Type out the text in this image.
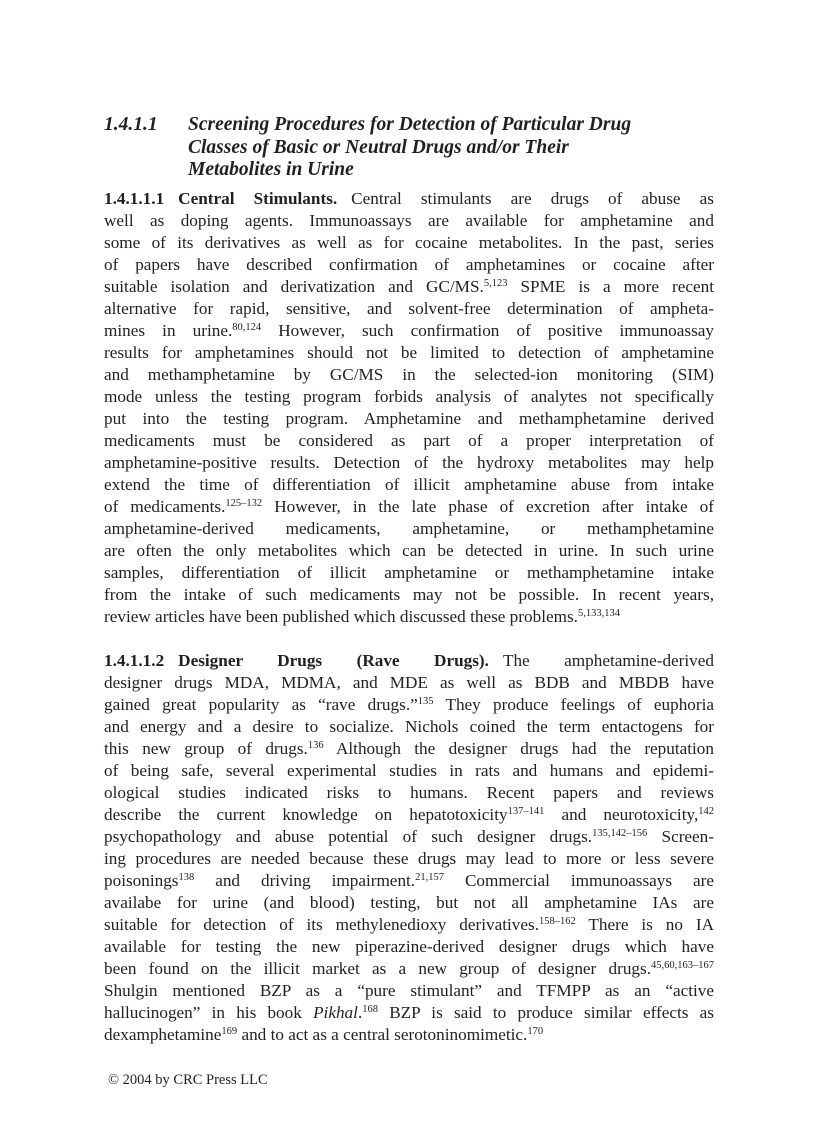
1.4.1.1 Screening Procedures for Detection of Particular Drug
Classes of Basic or Neutral Drugs and/or Their
Metabolites in Urine
1.4.1.1.1 Central Stimulants. Central stimulants are drugs of abuse as
well as doping agents. Immunoassays are available for amphetamine and
some of its derivatives as well as for cocaine metabolites. In the past, series
of papers have described confirmation of amphetamines or cocaine after
suitable isolation and derivatization and GC/MS.$^{5,123}$ SPME is a more recent
alternative for rapid, sensitive, and solvent-free determination of ampheta-
mines in urine.$^{80,124}$ However, such confirmation of positive immunoassay
results for amphetamines should not be limited to detection of amphetamine
and methamphetamine by GC/MS in the selected-ion monitoring (SIM)
mode unless the testing program forbids analysis of analytes not specifically
put into the testing program. Amphetamine and methamphetamine derived
medicaments must be considered as part of a proper interpretation of
amphetamine-positive results. Detection of the hydroxy metabolites may help
extend the time of differentiation of illicit amphetamine abuse from intake
of medicaments.$^{125-132}$ However, in the late phase of excretion after intake of
amphetamine-derived medicaments, amphetamine, or methamphetamine
are often the only metabolites which can be detected in urine. In such urine
samples, differentiation of illicit amphetamine or methamphetamine intake
from the intake of such medicaments may not be possible. In recent years,
review articles have been published which discussed these problems.$^{5,133,134}$
1.4.1.1.2 Designer Drugs (Rave Drugs). The amphetamine-derived
designer drugs MDA, MDMA, and MDE as well as BDB and MBDB have
gained great popularity as “rave drugs.”$^{135}$ They produce feelings of euphoria
and energy and a desire to socialize. Nichols coined the term entactogens for
this new group of drugs.$^{136}$ Although the designer drugs had the reputation
of being safe, several experimental studies in rats and humans and epidemi-
ological studies indicated risks to humans. Recent papers and reviews
describe the current knowledge on hepatotoxicity$^{137-141}$ and neurotoxicity,$^{142}$
psychopathology and abuse potential of such designer drugs.$^{135,142-156}$ Screen-
ing procedures are needed because these drugs may lead to more or less severe
poisonings$^{138}$ and driving impairment.$^{21,157}$ Commercial immunoassays are
availabe for urine (and blood) testing, but not all amphetamine IAs are
suitable for detection of its methylenedioxy derivatives.$^{158-162}$ There is no IA
available for testing the new piperazine-derived designer drugs which have
been found on the illicit market as a new group of designer drugs.$^{45,60,163-167}$
Shulgin mentioned BZP as a “pure stimulant” and TFMPP as an “active
hallucinogen” in his book Pikhal.$^{168}$ BZP is said to produce similar effects as
dexamphetamine$^{169}$ and to act as a central serotoninomimetic.$^{170}$
© 2004 by CRC Press LLC
